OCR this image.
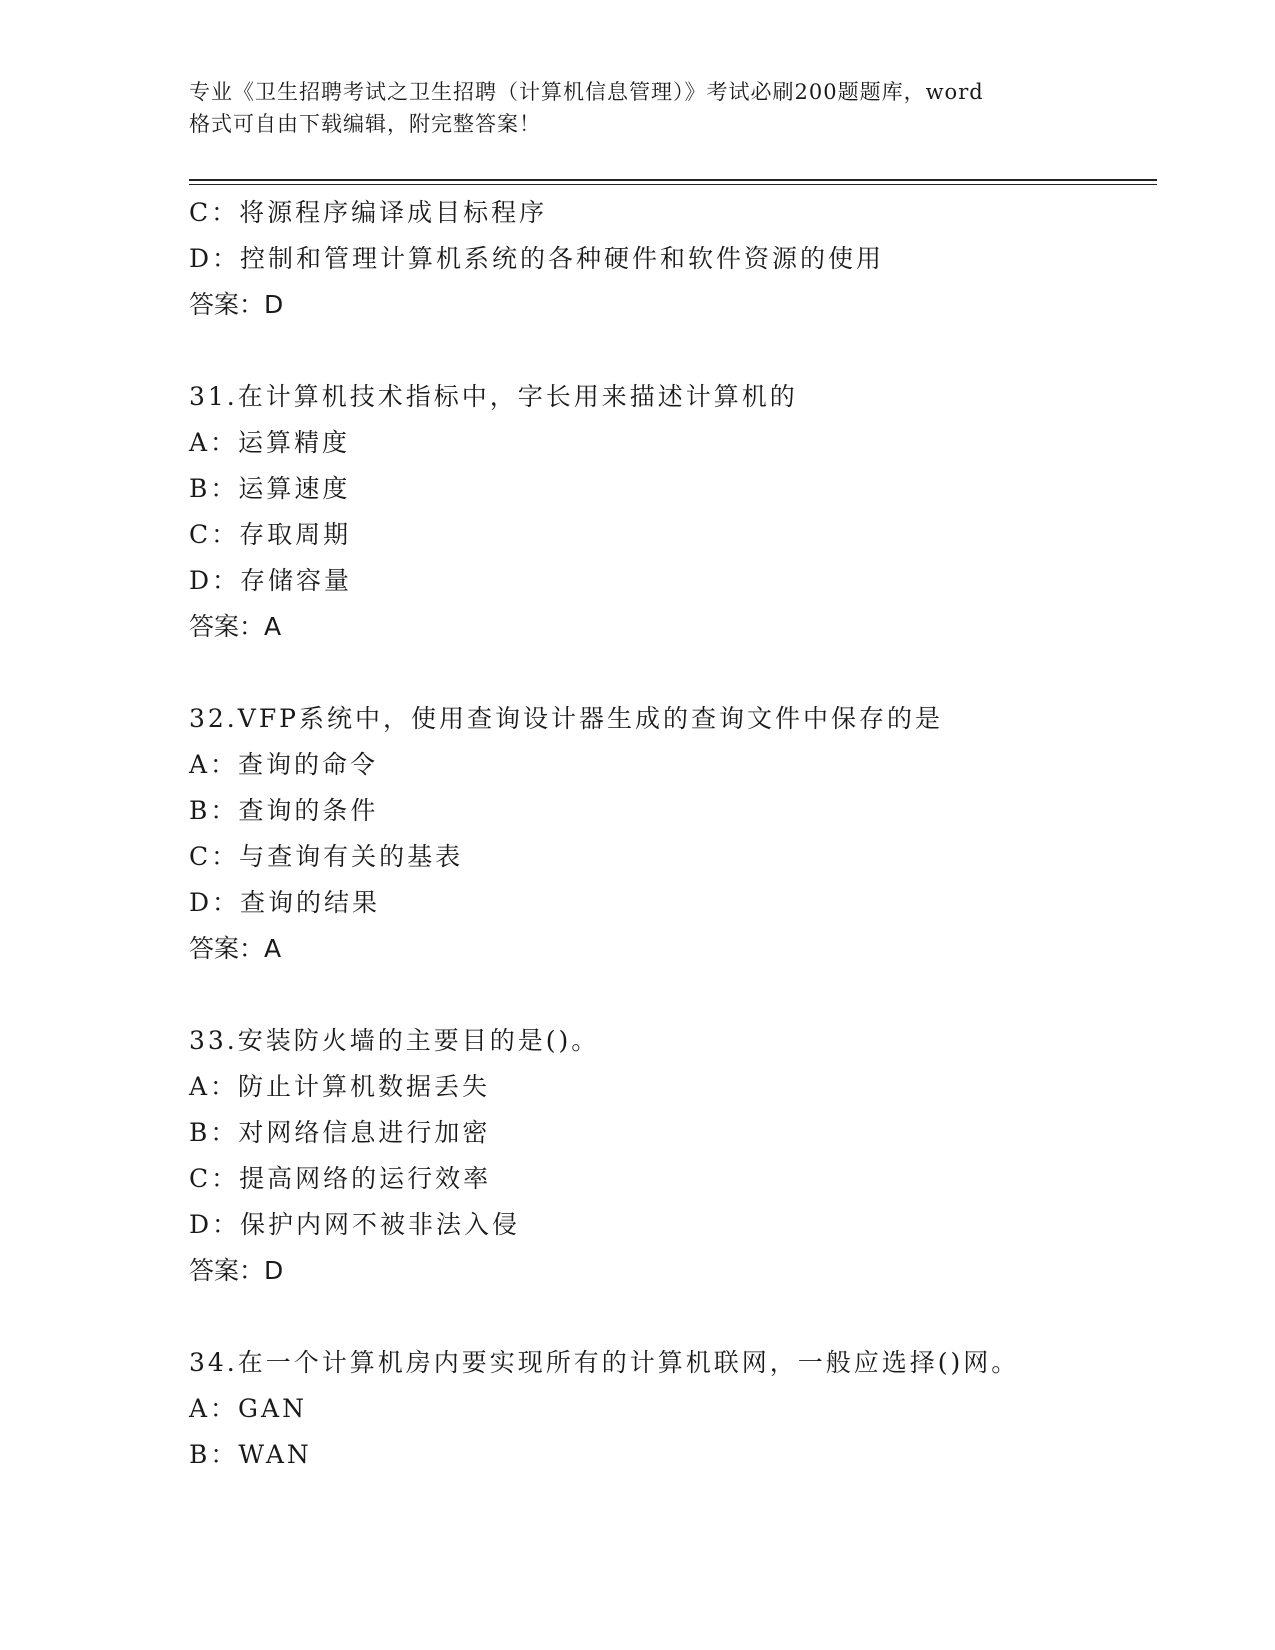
专业《卫生招聘考试之卫生招聘（计算机信息管理）》考试必刷200题题库，word
格式可自由下载编辑，附完整答案！
C：将源程序编译成目标程序
D：控制和管理计算机系统的各种硬件和软件资源的使用
答案：D
31.在计算机技术指标中，字长用来描述计算机的
A：运算精度
B：运算速度
C：存取周期
D：存储容量
答案：A
32.VFP系统中，使用查询设计器生成的查询文件中保存的是
A：查询的命令
B：查询的条件
C：与查询有关的基表
D：查询的结果
答案：A
33.安装防火墙的主要目的是()。
A：防止计算机数据丢失
B：对网络信息进行加密
C：提高网络的运行效率
D：保护内网不被非法入侵
答案：D
34.在一个计算机房内要实现所有的计算机联网，一般应选择()网。
A：GAN
B：WAN
